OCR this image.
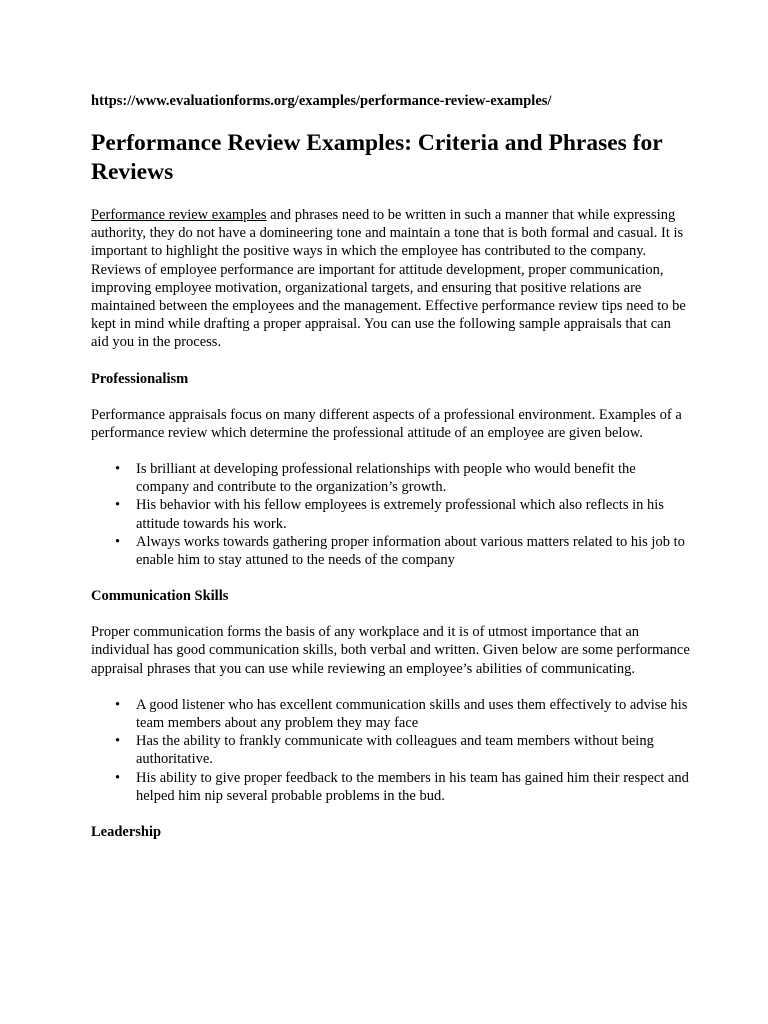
https://www.evaluationforms.org/examples/performance-review-examples/
Performance Review Examples: Criteria and Phrases for Reviews

Performance review examples and phrases need to be written in such a manner that while expressing authority, they do not have a domineering tone and maintain a tone that is both formal and casual. It is important to highlight the positive ways in which the employee has contributed to the company. Reviews of employee performance are important for attitude development, proper communication, improving employee motivation, organizational targets, and ensuring that positive relations are maintained between the employees and the management. Effective performance review tips need to be kept in mind while drafting a proper appraisal. You can use the following sample appraisals that can aid you in the process.

Professionalism

Performance appraisals focus on many different aspects of a professional environment. Examples of a performance review which determine the professional attitude of an employee are given below.

• Is brilliant at developing professional relationships with people who would benefit the company and contribute to the organization’s growth.
• His behavior with his fellow employees is extremely professional which also reflects in his attitude towards his work.
• Always works towards gathering proper information about various matters related to his job to enable him to stay attuned to the needs of the company
Communication Skills

Proper communication forms the basis of any workplace and it is of utmost importance that an individual has good communication skills, both verbal and written. Given below are some performance appraisal phrases that you can use while reviewing an employee’s abilities of communicating.

• A good listener who has excellent communication skills and uses them effectively to advise his team members about any problem they may face
• Has the ability to frankly communicate with colleagues and team members without being authoritative.
• His ability to give proper feedback to the members in his team has gained him their respect and helped him nip several probable problems in the bud.
Leadership
